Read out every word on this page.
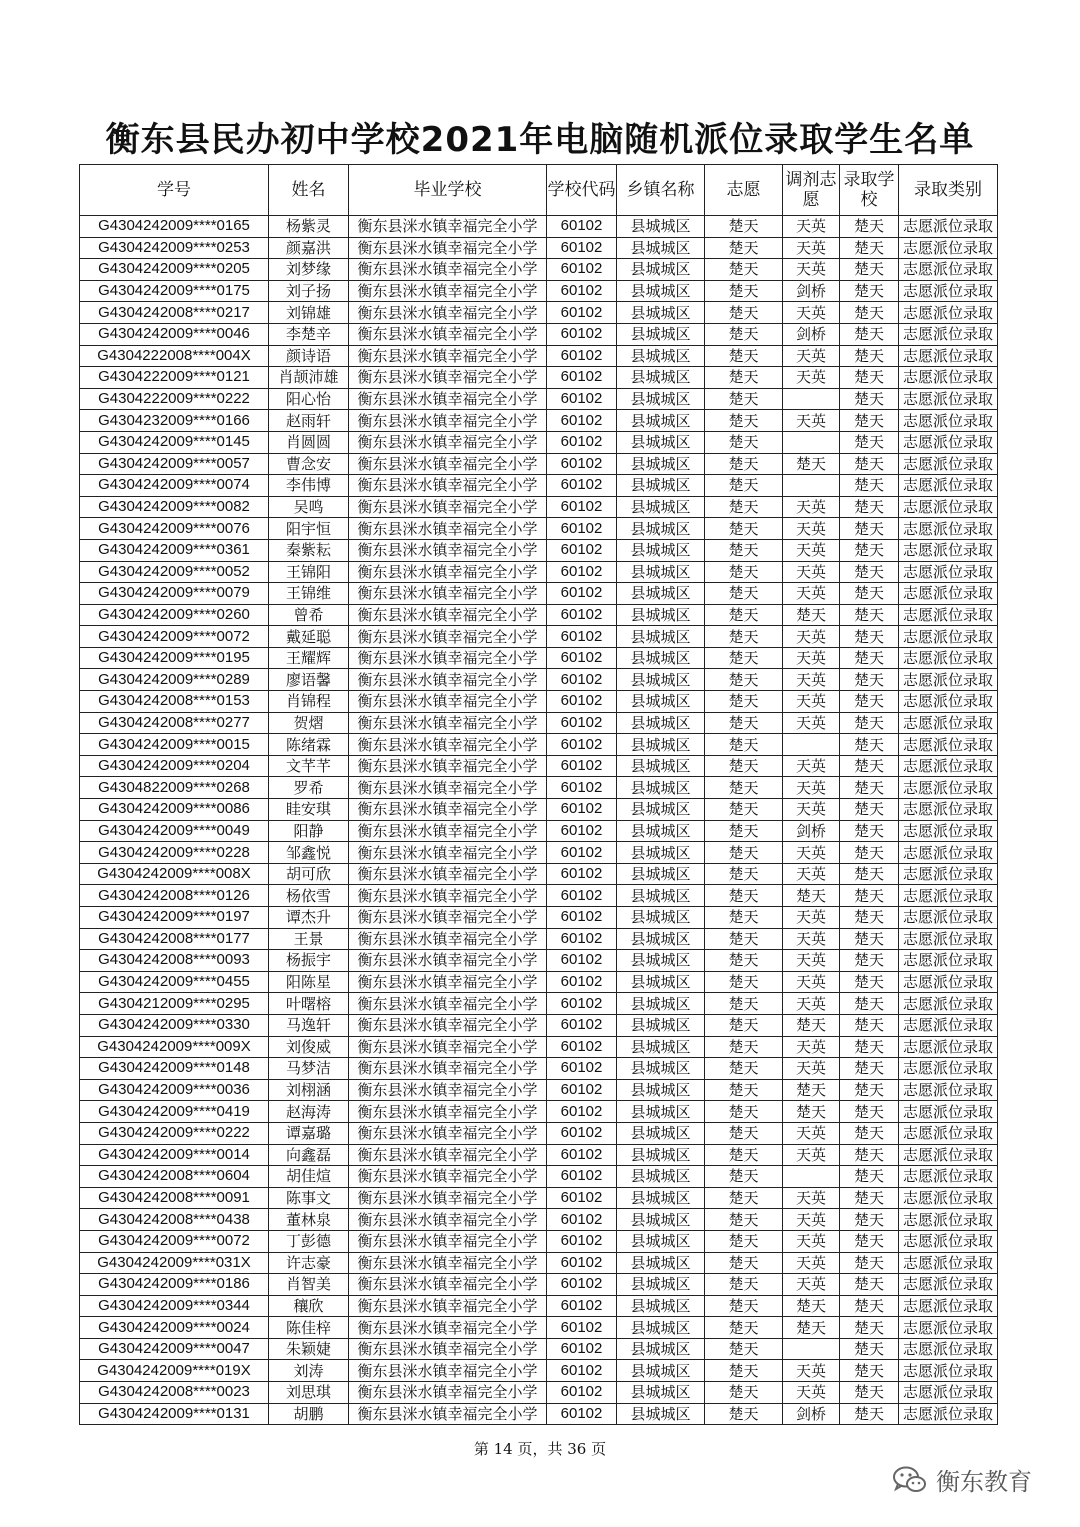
衡东县民办初中学校2021年电脑随机派位录取学生名单
学号	姓名	毕业学校	学校代码	乡镇名称	志愿	调剂志愿	录取学校	录取类别
G4304242009****0165	杨紫灵	衡东县洣水镇幸福完全小学	60102	县城城区	楚天	天英	楚天	志愿派位录取
G4304242009****0253	颜嘉洪	衡东县洣水镇幸福完全小学	60102	县城城区	楚天	天英	楚天	志愿派位录取
G4304242009****0205	刘梦缘	衡东县洣水镇幸福完全小学	60102	县城城区	楚天	天英	楚天	志愿派位录取
G4304242009****0175	刘子扬	衡东县洣水镇幸福完全小学	60102	县城城区	楚天	剑桥	楚天	志愿派位录取
G4304242008****0217	刘锦雄	衡东县洣水镇幸福完全小学	60102	县城城区	楚天	天英	楚天	志愿派位录取
G4304242009****0046	李楚辛	衡东县洣水镇幸福完全小学	60102	县城城区	楚天	剑桥	楚天	志愿派位录取
G4304222008****004X	颜诗语	衡东县洣水镇幸福完全小学	60102	县城城区	楚天	天英	楚天	志愿派位录取
G4304222009****0121	肖颉沛雄	衡东县洣水镇幸福完全小学	60102	县城城区	楚天	天英	楚天	志愿派位录取
G4304222009****0222	阳心怡	衡东县洣水镇幸福完全小学	60102	县城城区	楚天		楚天	志愿派位录取
G4304232009****0166	赵雨轩	衡东县洣水镇幸福完全小学	60102	县城城区	楚天	天英	楚天	志愿派位录取
G4304242009****0145	肖圆圆	衡东县洣水镇幸福完全小学	60102	县城城区	楚天		楚天	志愿派位录取
G4304242009****0057	曹念安	衡东县洣水镇幸福完全小学	60102	县城城区	楚天	楚天	楚天	志愿派位录取
G4304242009****0074	李伟博	衡东县洣水镇幸福完全小学	60102	县城城区	楚天		楚天	志愿派位录取
G4304242009****0082	吴鸣	衡东县洣水镇幸福完全小学	60102	县城城区	楚天	天英	楚天	志愿派位录取
G4304242009****0076	阳宇恒	衡东县洣水镇幸福完全小学	60102	县城城区	楚天	天英	楚天	志愿派位录取
G4304242009****0361	秦紫耘	衡东县洣水镇幸福完全小学	60102	县城城区	楚天	天英	楚天	志愿派位录取
G4304242009****0052	王锦阳	衡东县洣水镇幸福完全小学	60102	县城城区	楚天	天英	楚天	志愿派位录取
G4304242009****0079	王锦维	衡东县洣水镇幸福完全小学	60102	县城城区	楚天	天英	楚天	志愿派位录取
G4304242009****0260	曾希	衡东县洣水镇幸福完全小学	60102	县城城区	楚天	楚天	楚天	志愿派位录取
G4304242009****0072	戴延聪	衡东县洣水镇幸福完全小学	60102	县城城区	楚天	天英	楚天	志愿派位录取
G4304242009****0195	王耀辉	衡东县洣水镇幸福完全小学	60102	县城城区	楚天	天英	楚天	志愿派位录取
G4304242009****0289	廖语馨	衡东县洣水镇幸福完全小学	60102	县城城区	楚天	天英	楚天	志愿派位录取
G4304242008****0153	肖锦程	衡东县洣水镇幸福完全小学	60102	县城城区	楚天	天英	楚天	志愿派位录取
G4304242008****0277	贺熠	衡东县洣水镇幸福完全小学	60102	县城城区	楚天	天英	楚天	志愿派位录取
G4304242009****0015	陈绪霖	衡东县洣水镇幸福完全小学	60102	县城城区	楚天		楚天	志愿派位录取
G4304242009****0204	文芊芊	衡东县洣水镇幸福完全小学	60102	县城城区	楚天	天英	楚天	志愿派位录取
G4304822009****0268	罗希	衡东县洣水镇幸福完全小学	60102	县城城区	楚天	天英	楚天	志愿派位录取
G4304242009****0086	眭安琪	衡东县洣水镇幸福完全小学	60102	县城城区	楚天	天英	楚天	志愿派位录取
G4304242009****0049	阳静	衡东县洣水镇幸福完全小学	60102	县城城区	楚天	剑桥	楚天	志愿派位录取
G4304242009****0228	邹鑫悦	衡东县洣水镇幸福完全小学	60102	县城城区	楚天	天英	楚天	志愿派位录取
G4304242009****008X	胡可欣	衡东县洣水镇幸福完全小学	60102	县城城区	楚天	天英	楚天	志愿派位录取
G4304242008****0126	杨依雪	衡东县洣水镇幸福完全小学	60102	县城城区	楚天	楚天	楚天	志愿派位录取
G4304242009****0197	谭杰升	衡东县洣水镇幸福完全小学	60102	县城城区	楚天	天英	楚天	志愿派位录取
G4304242008****0177	王景	衡东县洣水镇幸福完全小学	60102	县城城区	楚天	天英	楚天	志愿派位录取
G4304242008****0093	杨振宇	衡东县洣水镇幸福完全小学	60102	县城城区	楚天	天英	楚天	志愿派位录取
G4304242009****0455	阳陈星	衡东县洣水镇幸福完全小学	60102	县城城区	楚天	天英	楚天	志愿派位录取
G4304212009****0295	叶曙榕	衡东县洣水镇幸福完全小学	60102	县城城区	楚天	天英	楚天	志愿派位录取
G4304242009****0330	马逸轩	衡东县洣水镇幸福完全小学	60102	县城城区	楚天	楚天	楚天	志愿派位录取
G4304242009****009X	刘俊威	衡东县洣水镇幸福完全小学	60102	县城城区	楚天	天英	楚天	志愿派位录取
G4304242009****0148	马梦洁	衡东县洣水镇幸福完全小学	60102	县城城区	楚天	天英	楚天	志愿派位录取
G4304242009****0036	刘栩涵	衡东县洣水镇幸福完全小学	60102	县城城区	楚天	楚天	楚天	志愿派位录取
G4304242009****0419	赵海涛	衡东县洣水镇幸福完全小学	60102	县城城区	楚天	楚天	楚天	志愿派位录取
G4304242009****0222	谭嘉璐	衡东县洣水镇幸福完全小学	60102	县城城区	楚天	天英	楚天	志愿派位录取
G4304242009****0014	向鑫磊	衡东县洣水镇幸福完全小学	60102	县城城区	楚天	天英	楚天	志愿派位录取
G4304242008****0604	胡佳煊	衡东县洣水镇幸福完全小学	60102	县城城区	楚天		楚天	志愿派位录取
G4304242008****0091	陈事文	衡东县洣水镇幸福完全小学	60102	县城城区	楚天	天英	楚天	志愿派位录取
G4304242008****0438	董林泉	衡东县洣水镇幸福完全小学	60102	县城城区	楚天	天英	楚天	志愿派位录取
G4304242009****0072	丁彭德	衡东县洣水镇幸福完全小学	60102	县城城区	楚天	天英	楚天	志愿派位录取
G4304242009****031X	许志豪	衡东县洣水镇幸福完全小学	60102	县城城区	楚天	天英	楚天	志愿派位录取
G4304242009****0186	肖智美	衡东县洣水镇幸福完全小学	60102	县城城区	楚天	天英	楚天	志愿派位录取
G4304242009****0344	穰欣	衡东县洣水镇幸福完全小学	60102	县城城区	楚天	楚天	楚天	志愿派位录取
G4304242009****0024	陈佳梓	衡东县洣水镇幸福完全小学	60102	县城城区	楚天	楚天	楚天	志愿派位录取
G4304242009****0047	朱颖婕	衡东县洣水镇幸福完全小学	60102	县城城区	楚天		楚天	志愿派位录取
G4304242009****019X	刘涛	衡东县洣水镇幸福完全小学	60102	县城城区	楚天	天英	楚天	志愿派位录取
G4304242008****0023	刘思琪	衡东县洣水镇幸福完全小学	60102	县城城区	楚天	天英	楚天	志愿派位录取
G4304242009****0131	胡鹏	衡东县洣水镇幸福完全小学	60102	县城城区	楚天	剑桥	楚天	志愿派位录取
第 14 页，共 36 页
衡东教育
